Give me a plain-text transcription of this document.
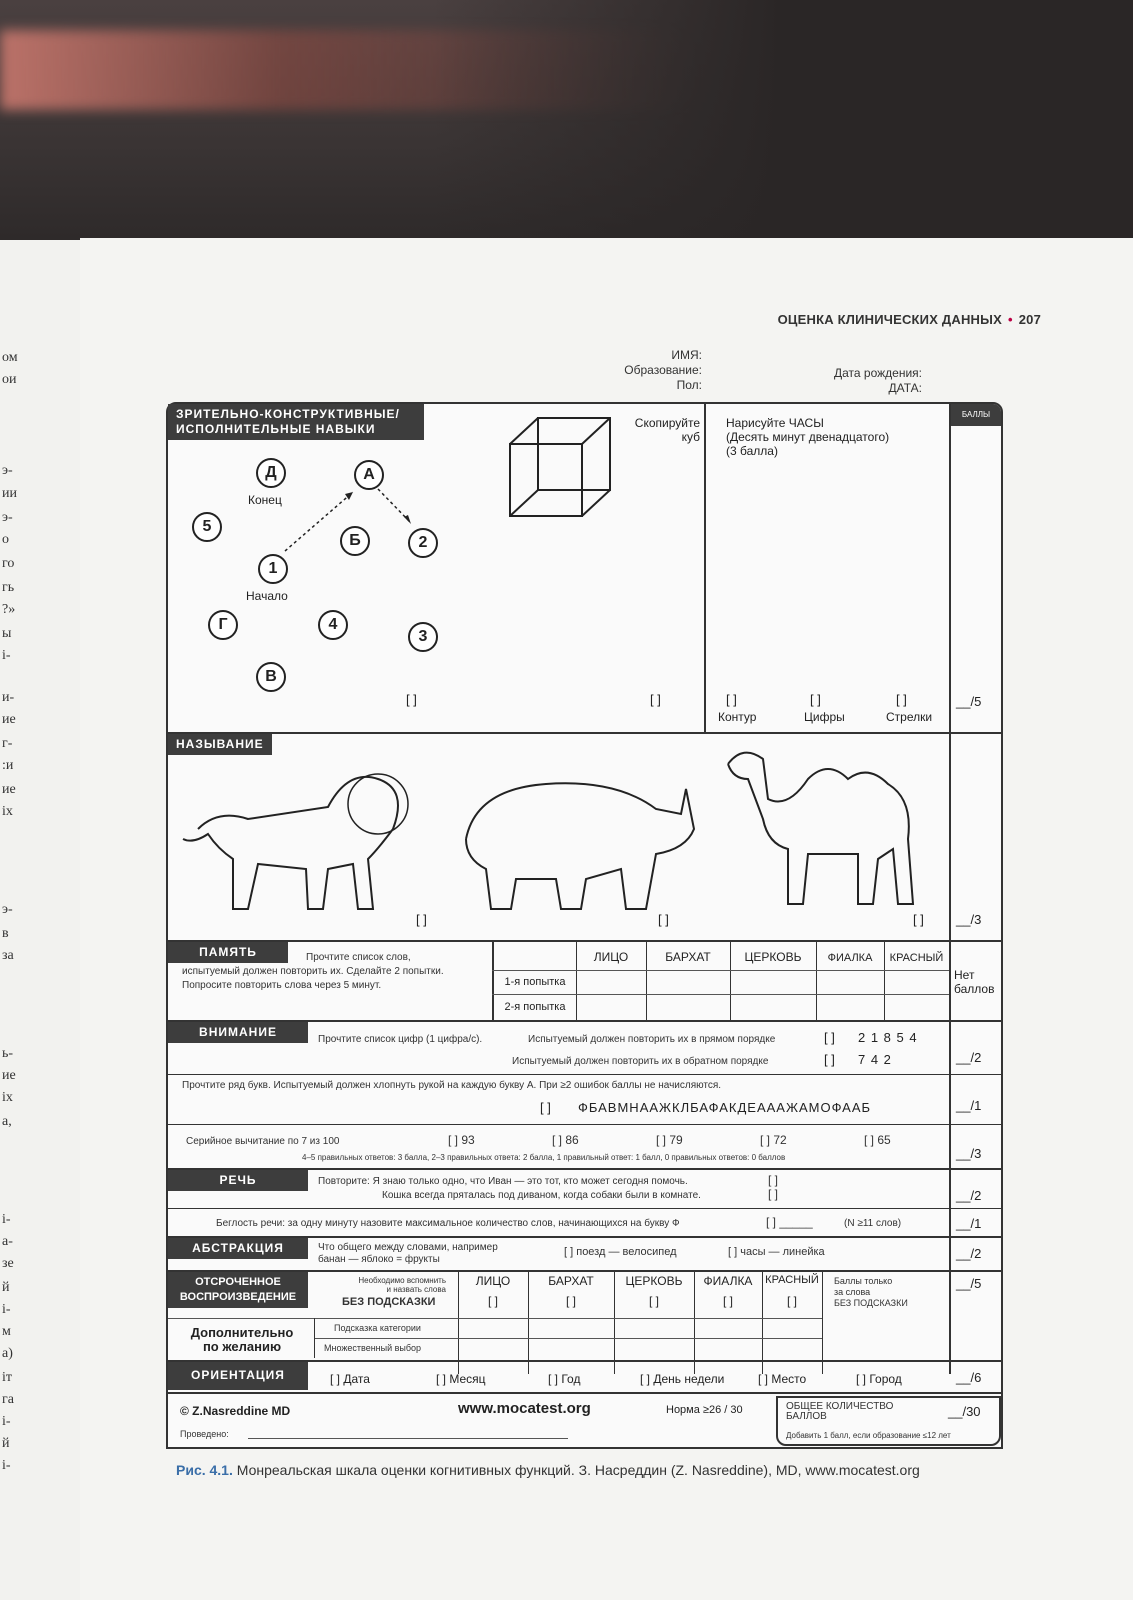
ом
ои
э-
ии
э-
о
го
гь
?»
ы
і-
и-
ие
г-
:и
ие
іх
э-
в
за
ь-
ие
іх
а,
і-
а-
зе
й
і-
м
а)
іт
га
і-
й
і-
ОЦЕНКА КЛИНИЧЕСКИХ ДАННЫХ • 207
ИМЯ:
Образование:
Пол:
Дата рождения:
ДАТА:
БАЛЛЫ
ЗРИТЕЛЬНО-КОНСТРУКТИВНЫЕ/
ИСПОЛНИТЕЛЬНЫЕ НАВЫКИ
Д
Конец
А
5
Б	2
1
Начало
Г	4
3
В
[ ]
Скопируйте
куб
[ ]
Нарисуйте ЧАСЫ
(Десять минут двенадцатого)
(3 балла)
[ ]
Контур
[ ]
Цифры
[ ]
Стрелки
__/5
НАЗЫВАНИЕ
[ ]	[ ]	[ ] __/3
ПАМЯТЬ	Прочтите список слов,
испытуемый должен повторить их. Сделайте 2 попытки.
Попросите повторить слова через 5 минут.
ЛИЦО	БАРХАТ	ЦЕРКОВЬ	ФИАЛКА	КРАСНЫЙ
1-я попытка
2-я попытка
Нет
баллов
ВНИМАНИЕ
Прочтите список цифр (1 цифра/с).	Испытуемый должен повторить их в прямом порядке	[ ] 2 1 8 5 4
Испытуемый должен повторить их в обратном порядке	[ ] 7 4 2	__/2
Прочтите ряд букв. Испытуемый должен хлопнуть рукой на каждую букву А. При ≥2 ошибок баллы не начисляются.
[ ] ФБАВМНААЖКЛБАФАКДЕАААЖАМОФААБ	__/1
Серийное вычитание по 7 из 100	[ ] 93	[ ] 86	[ ] 79	[ ] 72	[ ] 65
4–5 правильных ответов: 3 балла, 2–3 правильных ответа: 2 балла, 1 правильный ответ: 1 балл, 0 правильных ответов: 0 баллов	__/3
РЕЧЬ	Повторите: Я знаю только одно, что Иван — это тот, кто может сегодня помочь.
Кошка всегда пряталась под диваном, когда собаки были в комнате.
[ ]
[ ]	__/2
Беглость речи: за одну минуту назовите максимальное количество слов, начинающихся на букву Ф	[ ] _____	(N ≥11 слов)	__/1
АБСТРАКЦИЯ	Что общего между словами, например
банан — яблоко = фрукты
[ ] поезд — велосипед	[ ] часы — линейка	__/2
ОТСРОЧЕННОЕ
ВОСПРОИЗВЕДЕНИЕ
Необходимо вспомнить
и назвать слова
БЕЗ ПОДСКАЗКИ
ЛИЦО	БАРХАТ	ЦЕРКОВЬ	ФИАЛКА	КРАСНЫЙ
[ ]	[ ]	[ ]	[ ]	[ ]
Баллы только
за слова
БЕЗ ПОДСКАЗКИ
__/5
Дополнительно
по желанию
Подсказка категории
Множественный выбор
ОРИЕНТАЦИЯ	[ ] Дата	[ ] Месяц	[ ] Год	[ ] День недели	[ ] Место	[ ] Город	__/6
© Z.Nasreddine MD	www.mocatest.org	Норма ≥26 / 30	ОБЩЕЕ КОЛИЧЕСТВО
БАЛЛОВ	__/30
Добавить 1 балл, если образование ≤12 лет
Проведено:
Рис. 4.1. Монреальская шкала оценки когнитивных функций. З. Насреддин (Z. Nasreddine), MD, www.mocatest.org
